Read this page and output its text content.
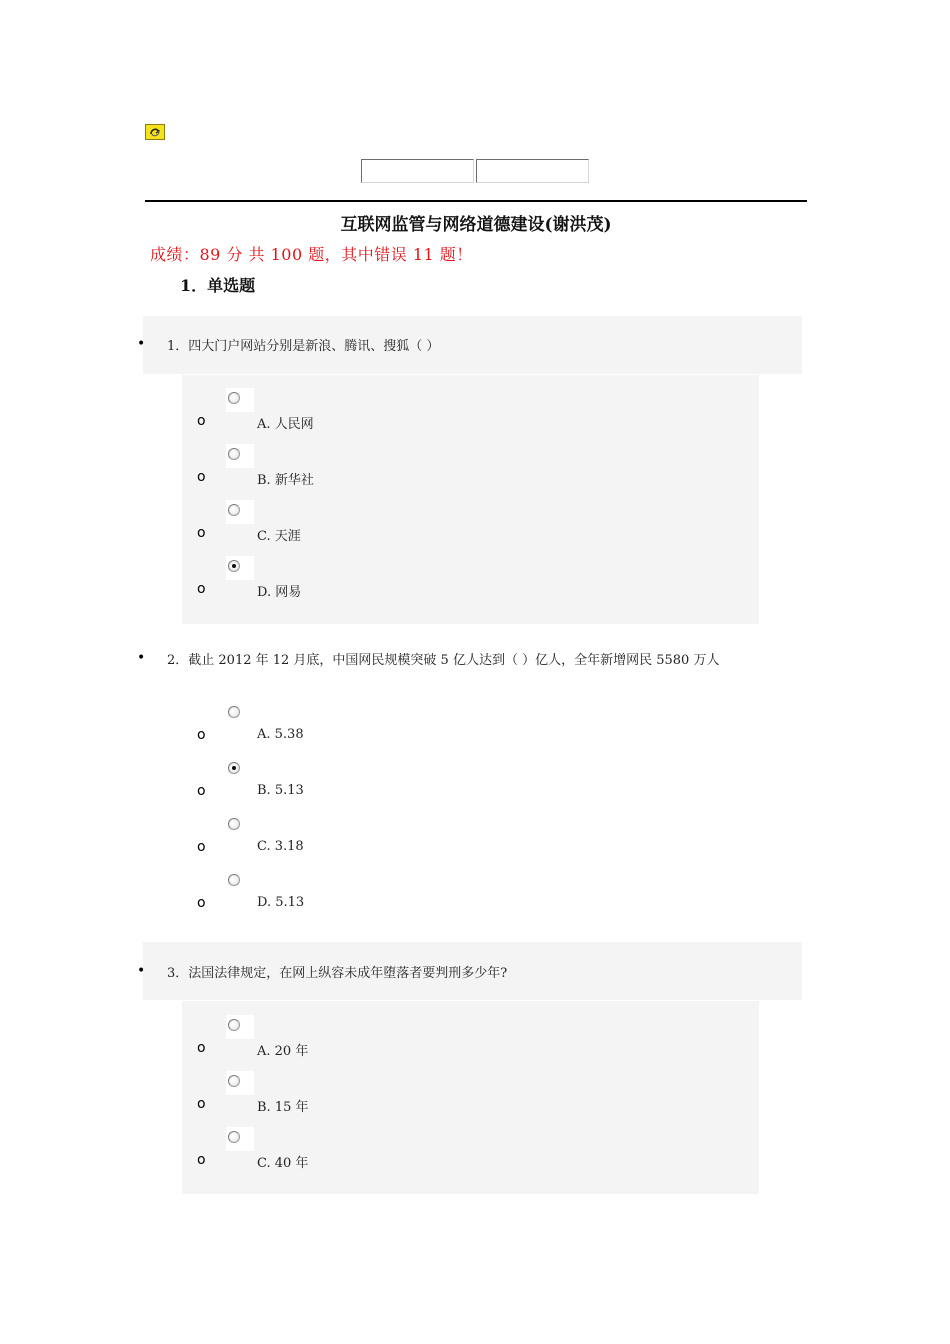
互联网监管与网络道德建设(谢洪茂)
成绩：89 分 共 100 题，其中错误 11 题！
1．单选题
• 1．四大门户网站分别是新浪、腾讯、搜狐（ ）
o	A. 人民网
o	B. 新华社
o	C. 天涯
o	D. 网易
• 2．截止 2012 年 12 月底，中国网民规模突破 5 亿人达到（ ）亿人，全年新增网民 5580 万人
o	A. 5.38
o	B. 5.13
o	C. 3.18
o	D. 5.13
• 3．法国法律规定，在网上纵容未成年堕落者要判刑多少年?
o	A. 20 年
o	B. 15 年
o	C. 40 年
